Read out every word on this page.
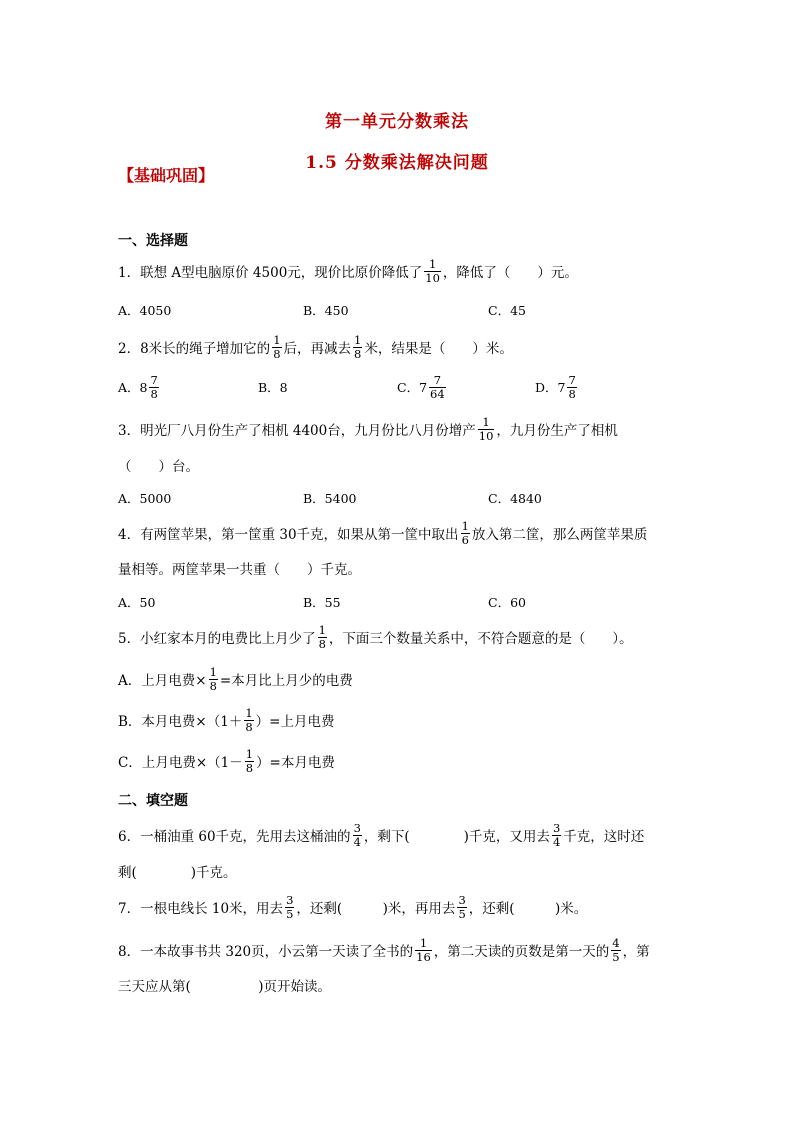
第一单元分数乘法
1.5 分数乘法解决问题
【基础巩固】
一、选择题
1．联想 A型电脑原价 4500元，现价比原价降低了 $\frac{1}{10}$ ，降低了（　　）元。
A．4050	B．450	C．45
2．8米长的绳子增加它的 $\frac{1}{8}$ 后，再减去 $\frac{1}{8}$ 米，结果是（　　）米。
A．$8 \frac{7}{8}$	B．8	C．$7 \frac{7}{64}$	D．$7 \frac{7}{8}$
3．明光厂八月份生产了相机 4400台，九月份比八月份增产 $\frac{1}{10}$ ，九月份生产了相机
（　　）台。
A．5000	B．5400	C．4840
4．有两筐苹果，第一筐重 30千克，如果从第一筐中取出 $\frac{1}{6}$ 放入第二筐，那么两筐苹果质
量相等。两筐苹果一共重（　　）千克。
A．50	B．55	C．60
5．小红家本月的电费比上月少了 $\frac{1}{8}$ ，下面三个数量关系中，不符合题意的是（　　）。
A．上月电费× $\frac{1}{8}$ =本月比上月少的电费
B．本月电费$\times(1+ \frac{1}{8}$ ）=上月电费
C．上月电费$\times(1- \frac{1}{8}$ ）=本月电费
二、填空题
6．一桶油重 60千克，先用去这桶油的 $\frac{3}{4}$ ，剩下(　　　　)千克，又用去 $\frac{3}{4}$ 千克，这时还
剩(　　　　)千克。
7．一根电线长 10米，用去 $\frac{3}{5}$ ，还剩(　　　)米，再用去 $\frac{3}{5}$ ，还剩(　　　)米。
8．一本故事书共 320页，小云第一天读了全书的 $\frac{1}{16}$ ，第二天读的页数是第一天的 $\frac{4}{5}$ ，第
三天应从第(　　　　　)页开始读。
